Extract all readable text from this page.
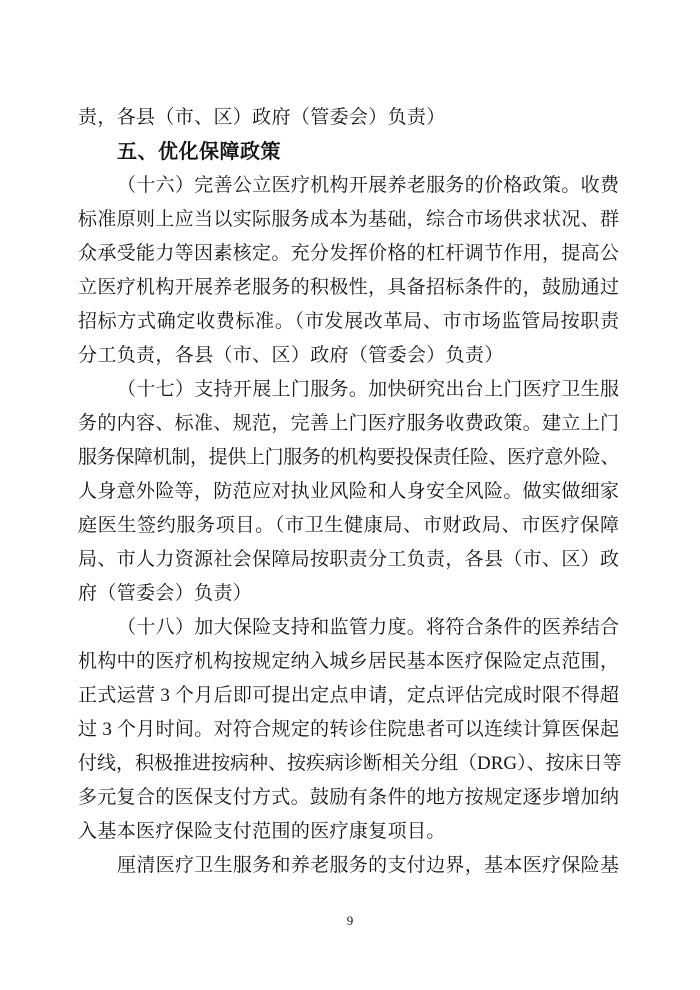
责，各县（市、区）政府（管委会）负责）
五、优化保障政策
（十六）完善公立医疗机构开展养老服务的价格政策。收费
标准原则上应当以实际服务成本为基础，综合市场供求状况、群
众承受能力等因素核定。充分发挥价格的杠杆调节作用，提高公
立医疗机构开展养老服务的积极性，具备招标条件的，鼓励通过
招标方式确定收费标准。（市发展改革局、市市场监管局按职责
分工负责，各县（市、区）政府（管委会）负责）
（十七）支持开展上门服务。加快研究出台上门医疗卫生服
务的内容、标准、规范，完善上门医疗服务收费政策。建立上门
服务保障机制，提供上门服务的机构要投保责任险、医疗意外险、
人身意外险等，防范应对执业风险和人身安全风险。做实做细家
庭医生签约服务项目。（市卫生健康局、市财政局、市医疗保障
局、市人力资源社会保障局按职责分工负责，各县（市、区）政
府（管委会）负责）
（十八）加大保险支持和监管力度。将符合条件的医养结合
机构中的医疗机构按规定纳入城乡居民基本医疗保险定点范围，
正式运营 3 个月后即可提出定点申请，定点评估完成时限不得超
过 3 个月时间。对符合规定的转诊住院患者可以连续计算医保起
付线，积极推进按病种、按疾病诊断相关分组（DRG）、按床日等
多元复合的医保支付方式。鼓励有条件的地方按规定逐步增加纳
入基本医疗保险支付范围的医疗康复项目。
厘清医疗卫生服务和养老服务的支付边界，基本医疗保险基
9
